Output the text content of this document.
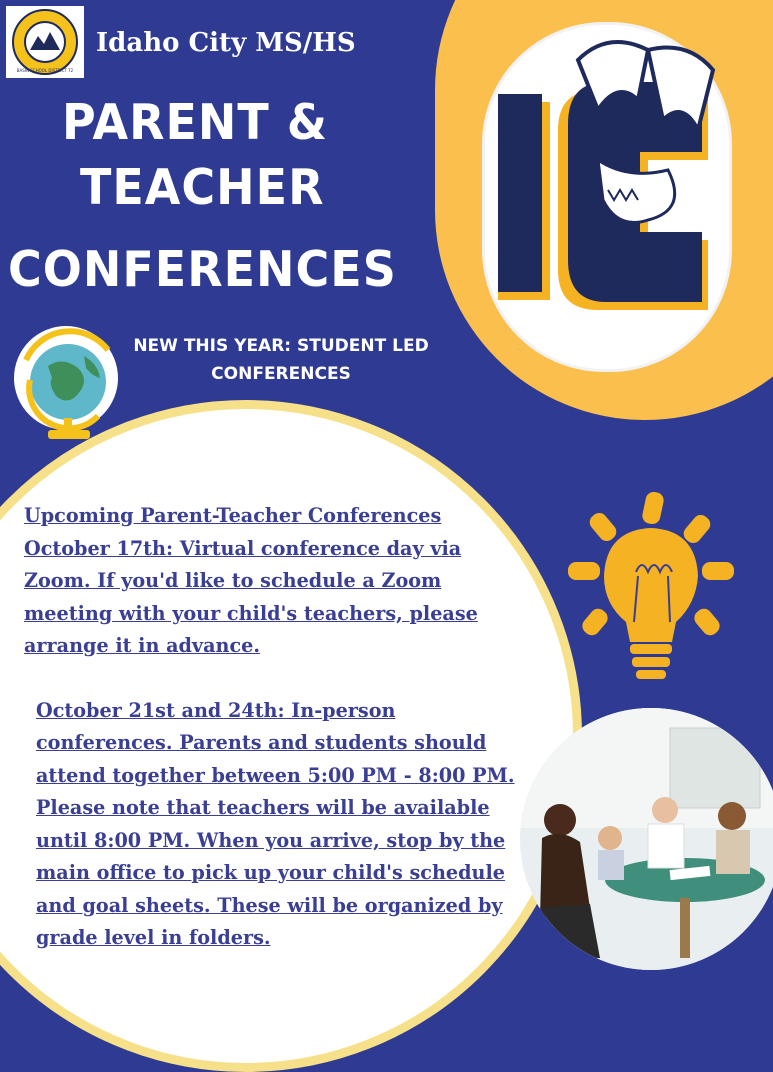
IC
BASIN SCHOOL DISTRICT 72
Idaho City MS/HS
PARENT &
TEACHER
CONFERENCES
NEW THIS YEAR: STUDENT LED
CONFERENCES

Upcoming Parent-Teacher Conferences

October 17th: Virtual conference day via Zoom. If you'd like to schedule a Zoom meeting with your child's teachers, please arrange it in advance.

October 21st and 24th: In-person conferences. Parents and students should attend together between 5:00 PM - 8:00 PM. Please note that teachers will be available until 8:00 PM. When you arrive, stop by the main office to pick up your child's schedule and goal sheets. These will be organized by grade level in folders.
